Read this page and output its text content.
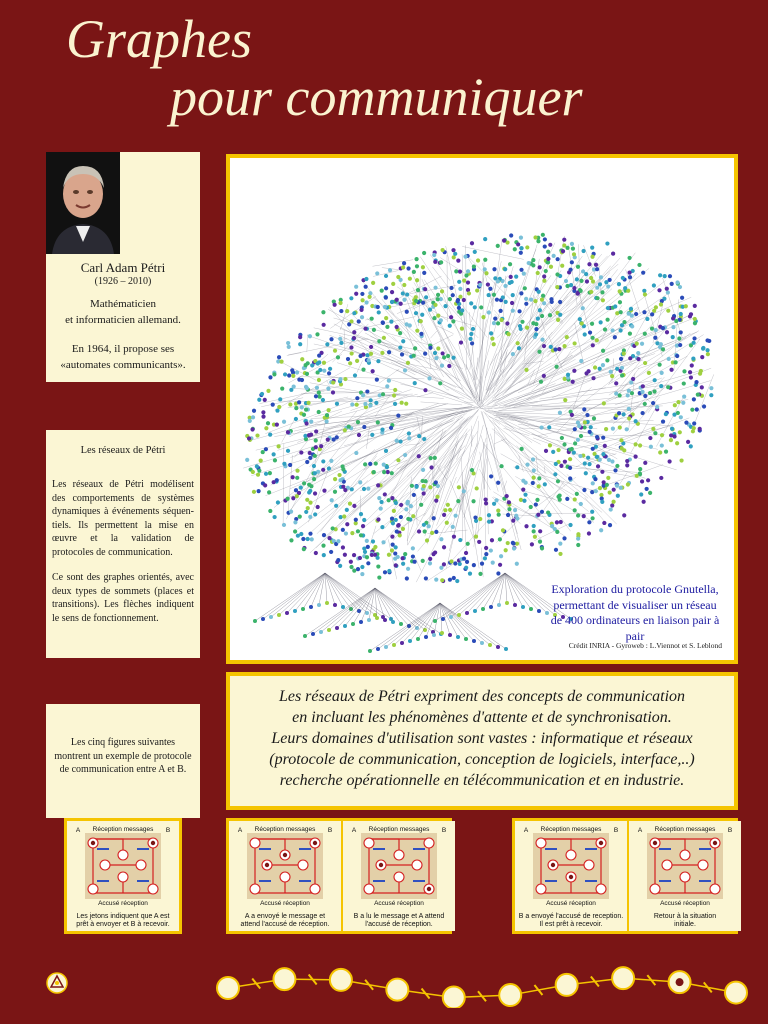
Graphes
pour communiquer
Carl Adam Pétri
(1926 – 2010)
Mathématicien
et informaticien allemand.
En 1964, il propose ses
«automates communicants».
Les réseaux de Pétri

Les réseaux de Pétri modélisent des comportements de systèmes dynamiques à événements séquen-tiels. Ils permettent la mise en œuvre et la validation de protocoles de communication.

Ce sont des graphes orientés, avec deux types de sommets (places et transitions). Les flèches indiquent le sens de fonctionnement.

Les cinq figures suivantes
montrent un exemple de protocole
de communication entre A et B.
Exploration du protocole Gnutella,
permettant de visualiser un réseau
de 400 ordinateurs en liaison pair à pair
Crédit INRIA - Gyroweb : L.Viennot et S. Leblond
Les réseaux de Pétri expriment des concepts de communication
en incluant les phénomènes d'attente et de synchronisation.
Leurs domaines d'utilisation sont vastes : informatique et réseaux
(protocole de communication, conception de logiciels, interface,..)
recherche opérationnelle en télécommunication et en industrie.
Réception messages
Accusé réception
A	B
Les jetons indiquent que A est
prêt à envoyer et B à recevoir.
Réception messages
Accusé réception
A	B
A a envoyé le message et
attend l'accusé de réception.
Réception messages
Accusé réception
A	B
B a lu le message et A attend
l'accusé de réception.
Réception messages
Accusé réception
A	B
B a envoyé l'accusé de reception.
Il est prêt à recevoir.
Réception messages
Accusé réception
A	B
Retour à la situation
initiale.
